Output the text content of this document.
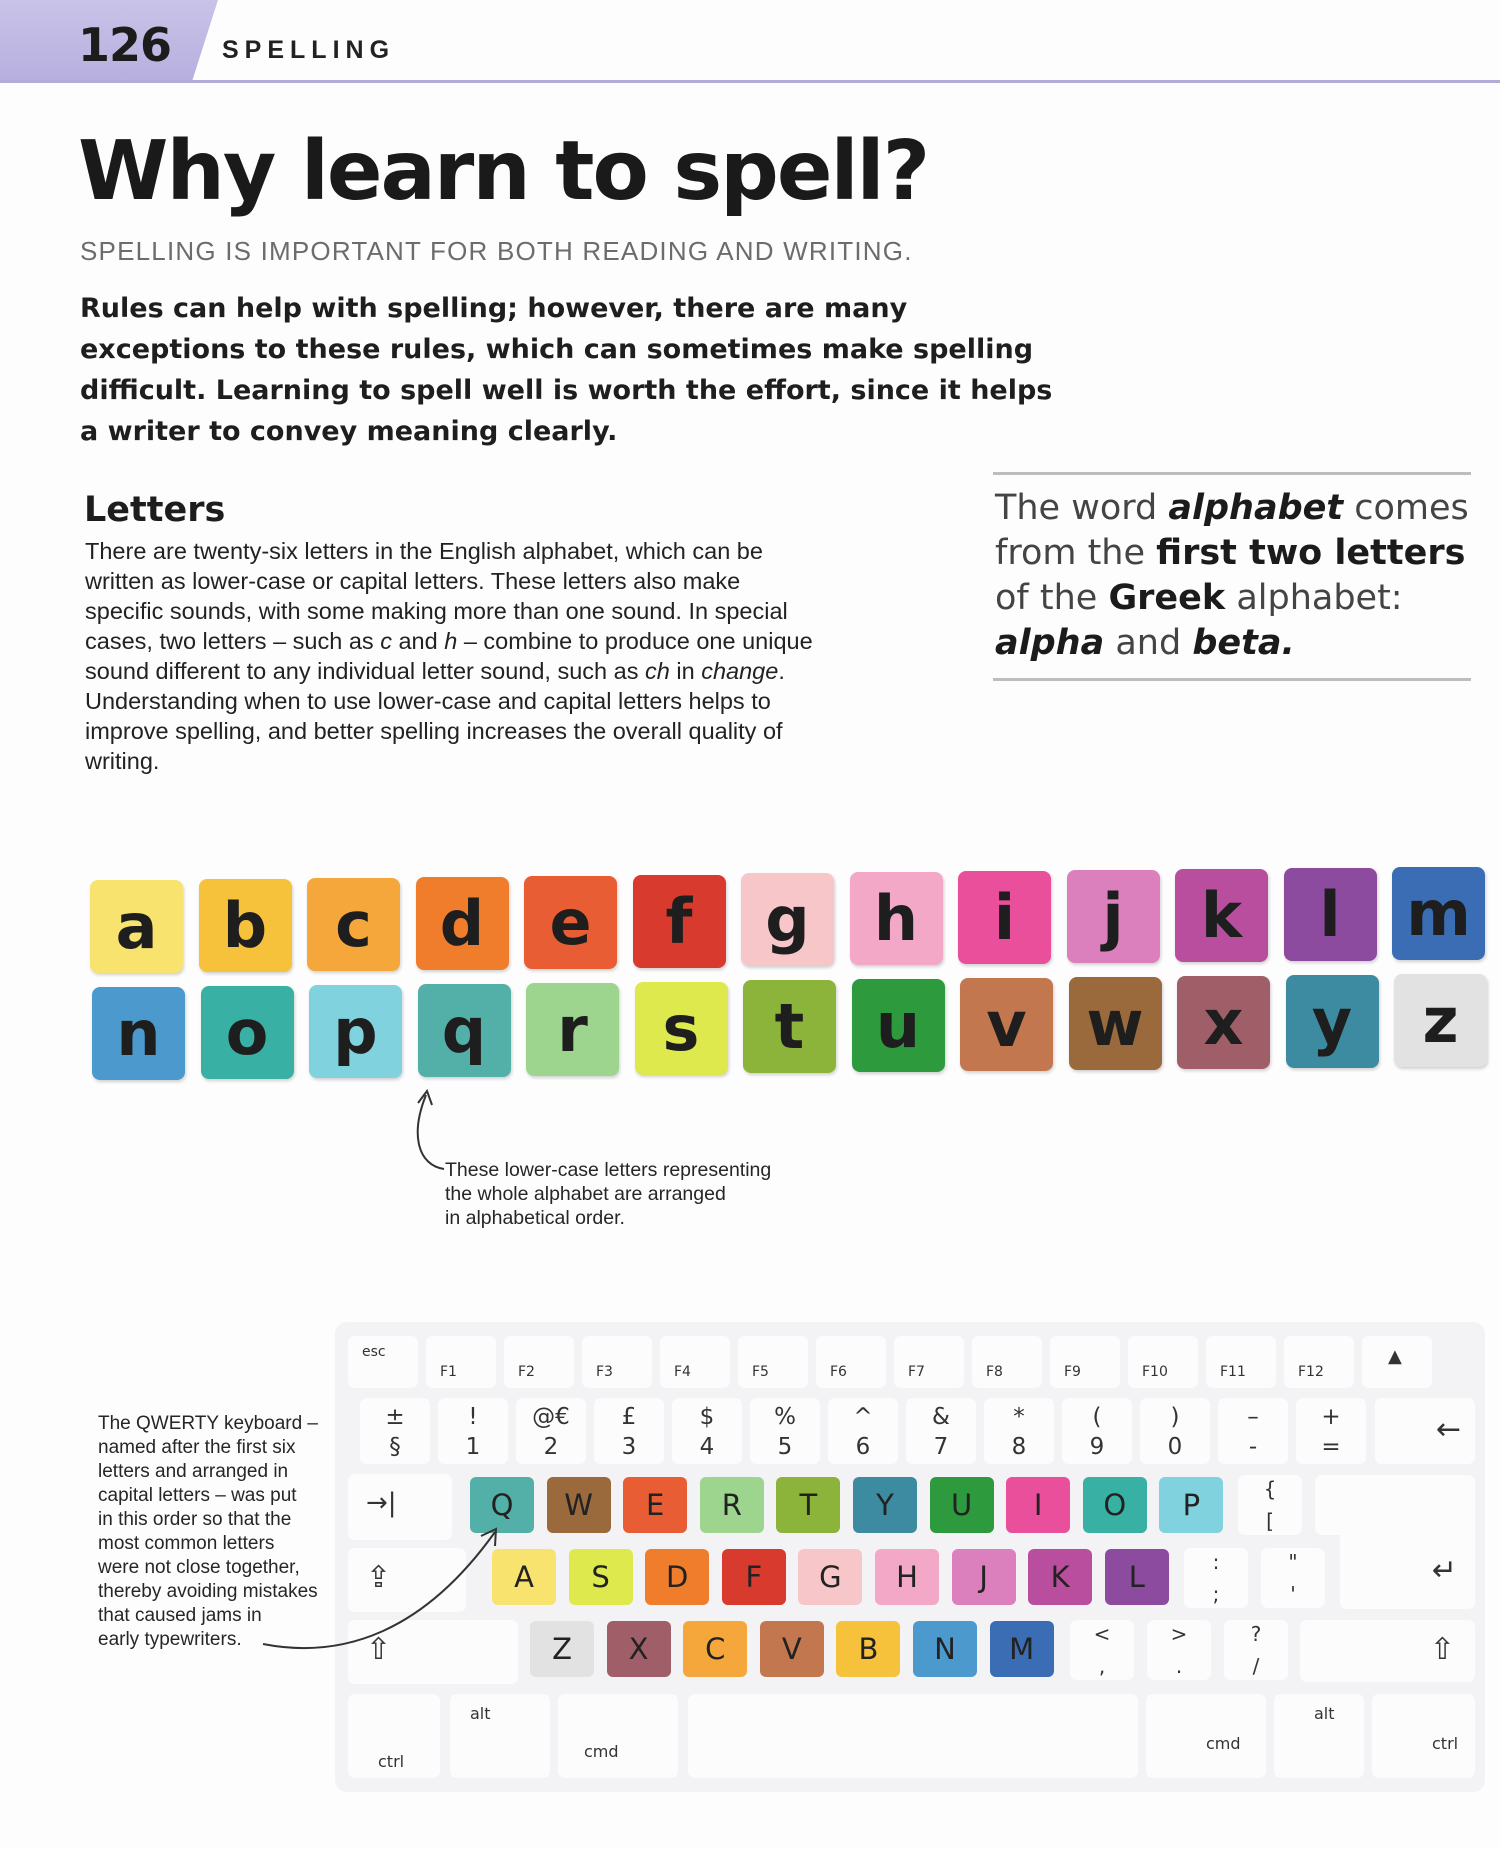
126 SPELLING
Why learn to spell?
SPELLING IS IMPORTANT FOR BOTH READING AND WRITING.
Rules can help with spelling; however, there are many exceptions to these rules, which can sometimes make spelling difficult. Learning to spell well is worth the effort, since it helps a writer to convey meaning clearly.
Letters
There are twenty-six letters in the English alphabet, which can be written as lower-case or capital letters. These letters also make specific sounds, with some making more than one sound. In special cases, two letters – such as c and h – combine to produce one unique sound different to any individual letter sound, such as ch in change. Understanding when to use lower-case and capital letters helps to improve spelling, and better spelling increases the overall quality of writing.
The word alphabet comes from the first two letters of the Greek alphabet: alpha and beta.
a	b	c	d	e	f	g	h	i	j	k	l	m
n	o	p	q	r	s	t	u	v w x	y	z
These lower-case letters representing
the whole alphabet are arranged
in alphabetical order.
esc
F1	F2	F3	F4	F5	F6	F7	F8	F9	F10	F11	F12
▲
±
§
!
1
@€
2
£
3
$
4
%
5
^
6
&
7
*
8
(
9
)
0
–
-
+
=	←
→|
⇪
⇧
Q	W	E	R	T	Y	U	I	O	P
A	S	D	F	G	H	J	K	L
Z	X	C	V	B	N	M
{
[
:
;
"
'
<
,
>
.
?
/
↵
⇧
ctrl
alt
cmd	cmd
alt
ctrl
The QWERTY keyboard –
named after the first six
letters and arranged in
capital letters – was put
in this order so that the
most common letters
were not close together,
thereby avoiding mistakes
that caused jams in
early typewriters.
